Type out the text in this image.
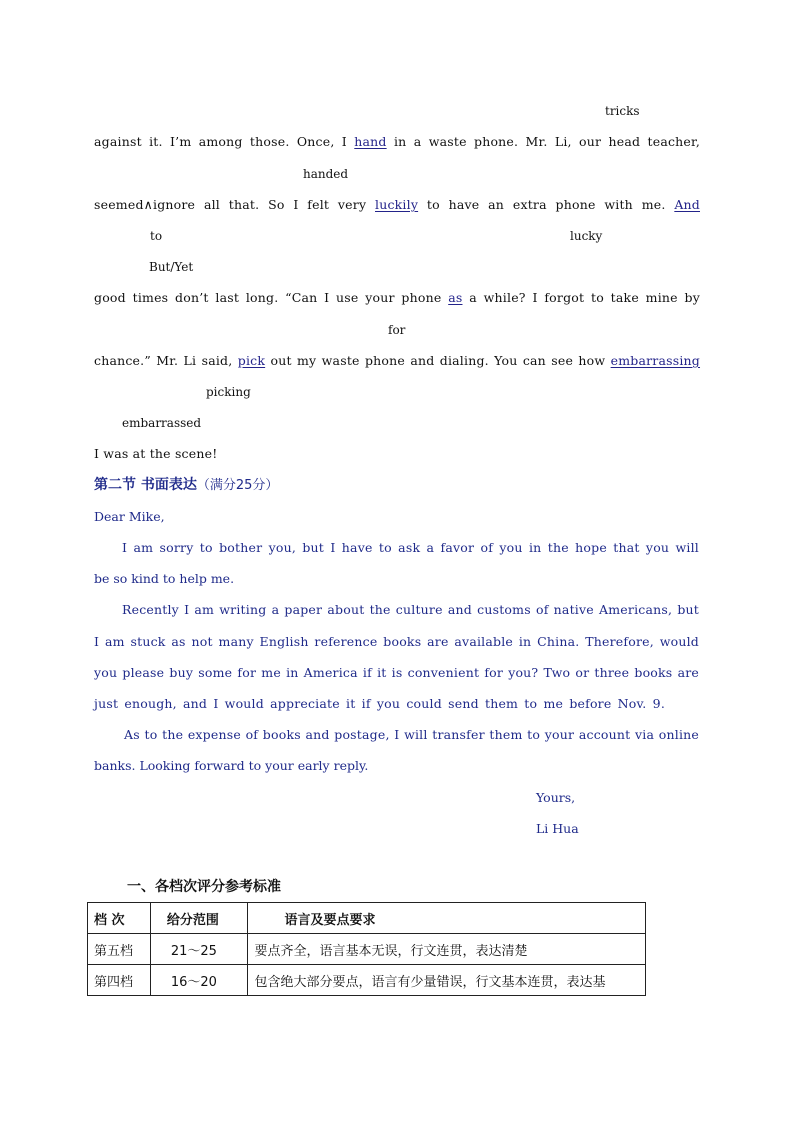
tricks
against it. I’m among those. Once, I hand in a waste phone. Mr. Li, our head teacher,
handed
seemed∧ignore all that. So I felt very luckily to have an extra phone with me. And
to	lucky
But/Yet
good times don’t last long. “Can I use your phone as a while? I forgot to take mine by
for
chance.” Mr. Li said, pick out my waste phone and dialing. You can see how embarrassing
picking
embarrassed
I was at the scene!
第二节 书面表达（满分25分）
Dear Mike,
I am sorry to bother you, but I have to ask a favor of you in the hope that you will
be so kind to help me.
Recently I am writing a paper about the culture and customs of native Americans, but
I am stuck as not many English reference books are available in China. Therefore, would
you please buy some for me in America if it is convenient for you? Two or three books are
just enough, and I would appreciate it if you could send them to me before Nov. 9.
As to the expense of books and postage, I will transfer them to your account via online
banks. Looking forward to your early reply.
Yours,
Li Hua
一、各档次评分参考标准
档 次	给分范围	语言及要点要求
第五档	21～25	要点齐全，语言基本无误，行文连贯，表达清楚
第四档	16～20	包含绝大部分要点，语言有少量错误，行文基本连贯，表达基
